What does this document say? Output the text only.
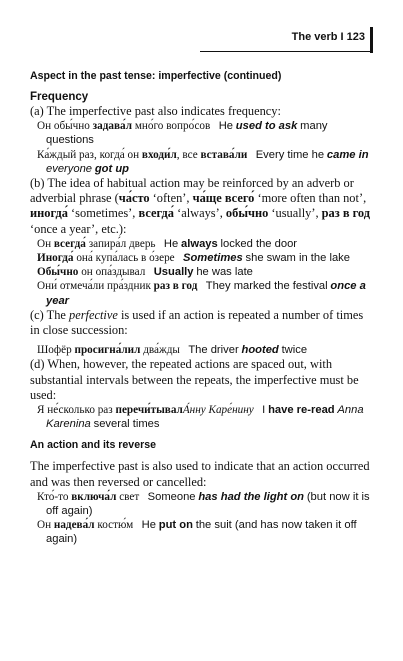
The verb I 123
Aspect in the past tense: imperfective (continued)
Frequency

(a) The imperfective past also indicates frequency:

Он обы́чно задава́л мно́го вопро́сов He used to ask many questions

Ка́ждый раз, когда́ он входи́л, все встава́ли Every time he came in everyone got up

(b) The idea of habitual action may be reinforced by an adverb or adverbial phrase (ча́сто ‘often’, ча́ще всего́ ‘more often than not’, иногда́ ‘sometimes’, всегда́ ‘always’, обы́чно ‘usually’, раз в год ‘once a year’, etc.):

Он всегда́ запира́л дверь He always locked the door

Иногда́ она́ купа́лась в о́зере Sometimes she swam in the lake

Обы́чно он опа́здывал Usually he was late

Они́ отмеча́ли пра́здник раз в год They marked the festival once a year

(c) The perfective is used if an action is repeated a number of times in close succession:

Шофёр просигна́лил два́жды The driver hooted twice

(d) When, however, the repeated actions are spaced out, with substantial intervals between the repeats, the imperfective must be used:

Я не́сколько раз перечи́тывалА́нну Каре́нину I have re-read Anna Karenina several times

An action and its reverse

The imperfective past is also used to indicate that an action occurred and was then reversed or cancelled:

Кто́-то включа́л свет Someone has had the light on (but now it is off again)

Он надева́л костю́м He put on the suit (and has now taken it off again)
